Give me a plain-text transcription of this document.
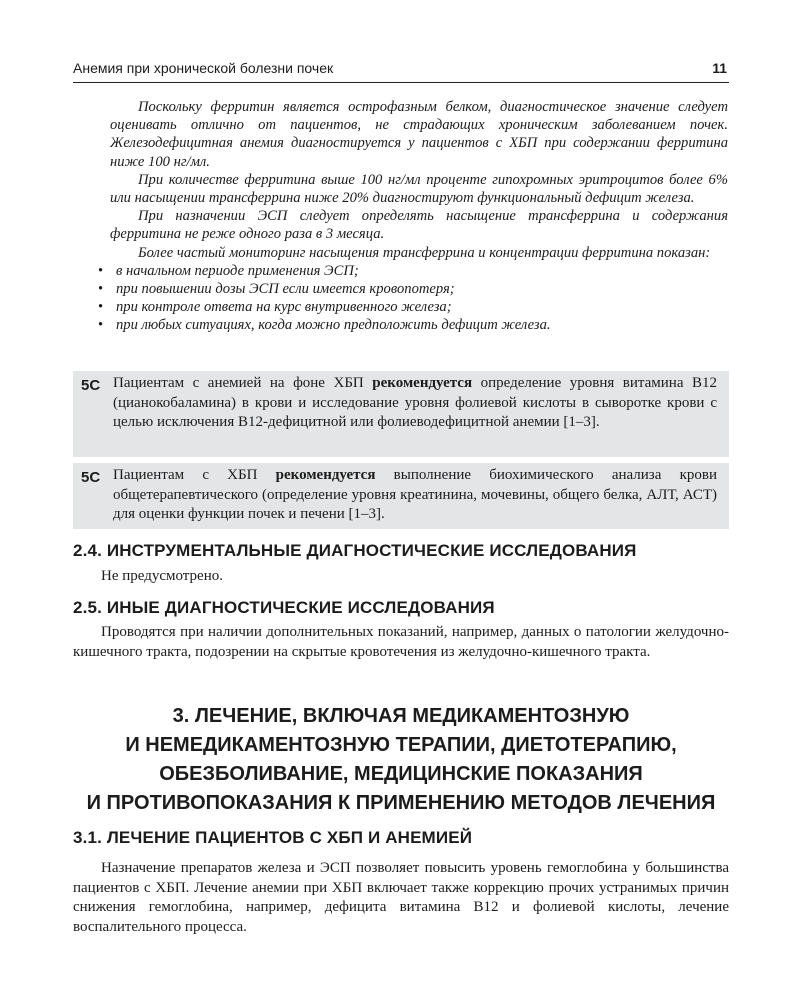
Анемия при хронической болезни почек	11

Поскольку ферритин является острофазным белком, диагностическое значение следует оценивать отлично от пациентов, не страдающих хроническим заболеванием почек. Железодефицитная анемия диагностируется у пациентов с ХБП при содержании ферритина ниже 100 нг/мл.

При количестве ферритина выше 100 нг/мл проценте гипохромных эритроцитов более 6% или насыщении трансферрина ниже 20% диагностируют функциональный дефицит железа.

При назначении ЭСП следует определять насыщение трансферрина и содержания ферритина не реже одного раза в 3 месяца.

Более частый мониторинг насыщения трансферрина и концентрации ферритина показан:

• в начальном периоде применения ЭСП;
• при повышении дозы ЭСП если имеется кровопотеря;
• при контроле ответа на курс внутривенного железа;
• при любых ситуациях, когда можно предположить дефицит железа.
5C Пациентам с анемией на фоне ХБП рекомендуется определение уровня витамина В12 (цианокобаламина) в крови и исследование уровня фолиевой кислоты в сыворотке крови с целью исключения В12-дефицитной или фолиеводефицитной анемии [1–3].
5C Пациентам с ХБП рекомендуется выполнение биохимического анализа крови общетерапевтического (определение уровня креатинина, мочевины, общего белка, АЛТ, АСТ) для оценки функции почек и печени [1–3].
2.4. ИНСТРУМЕНТАЛЬНЫЕ ДИАГНОСТИЧЕСКИЕ ИССЛЕДОВАНИЯ
Не предусмотрено.
2.5. ИНЫЕ ДИАГНОСТИЧЕСКИЕ ИССЛЕДОВАНИЯ
Проводятся при наличии дополнительных показаний, например, данных о патологии желудочно-кишечного тракта, подозрении на скрытые кровотечения из желудочно-кишечного тракта.
3. ЛЕЧЕНИЕ, ВКЛЮЧАЯ МЕДИКАМЕНТОЗНУЮ
И НЕМЕДИКАМЕНТОЗНУЮ ТЕРАПИИ, ДИЕТОТЕРАПИЮ,
ОБЕЗБОЛИВАНИЕ, МЕДИЦИНСКИЕ ПОКАЗАНИЯ
И ПРОТИВОПОКАЗАНИЯ К ПРИМЕНЕНИЮ МЕТОДОВ ЛЕЧЕНИЯ
3.1. ЛЕЧЕНИЕ ПАЦИЕНТОВ С ХБП И АНЕМИЕЙ
Назначение препаратов железа и ЭСП позволяет повысить уровень гемоглобина у большинства пациентов с ХБП. Лечение анемии при ХБП включает также коррекцию прочих устранимых причин снижения гемоглобина, например, дефицита витамина В12 и фолиевой кислоты, лечение воспалительного процесса.
